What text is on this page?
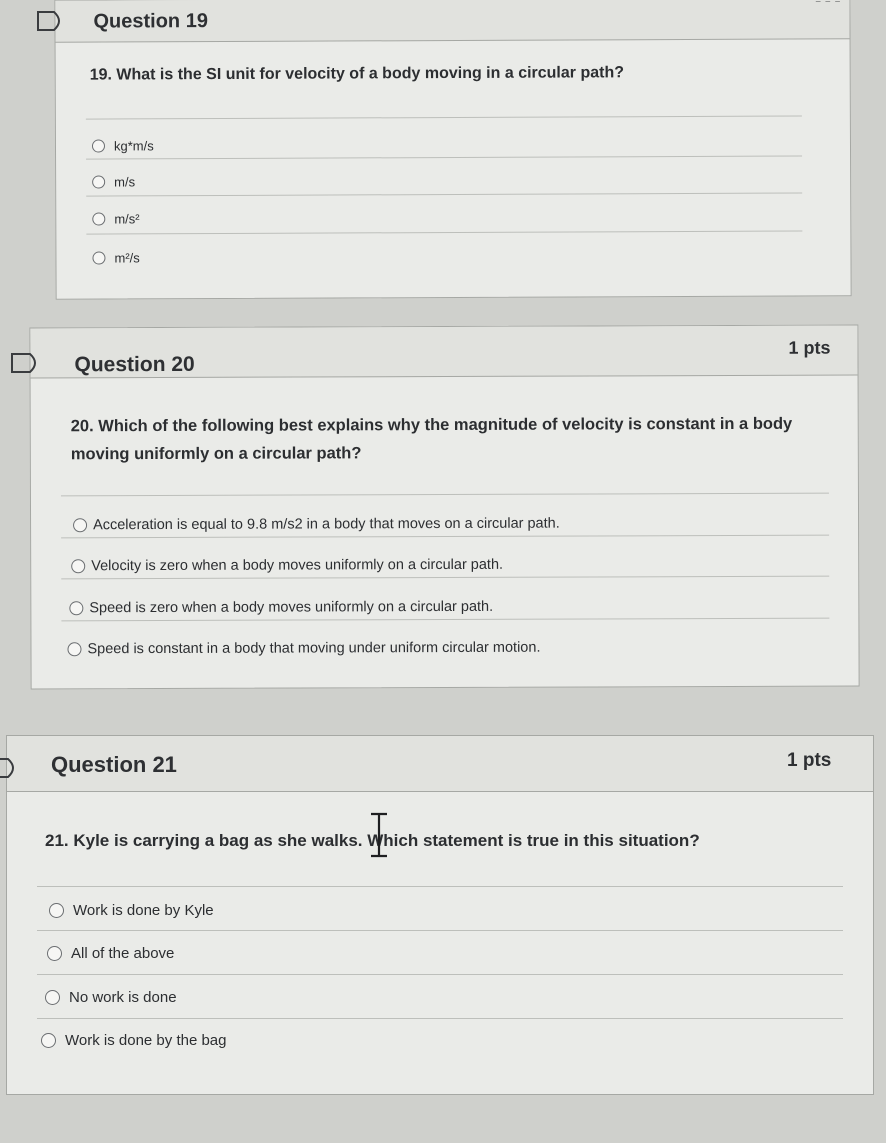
Question 19
19. What is the SI unit for velocity of a body moving in a circular path?
kg*m/s
m/s
m/s²
m²/s
⁻ ⁻ ⁻
Question 20
1 pts
20. Which of the following best explains why the magnitude of velocity is constant in a body moving uniformly on a circular path?
Acceleration is equal to 9.8 m/s2 in a body that moves on a circular path.
Velocity is zero when a body moves uniformly on a circular path.
Speed is zero when a body moves uniformly on a circular path.
Speed is constant in a body that moving under uniform circular motion.
Question 21	1 pts
21. Kyle is carrying a bag as she walks. Which statement is true in this situation?
Work is done by Kyle
All of the above
No work is done
Work is done by the bag
